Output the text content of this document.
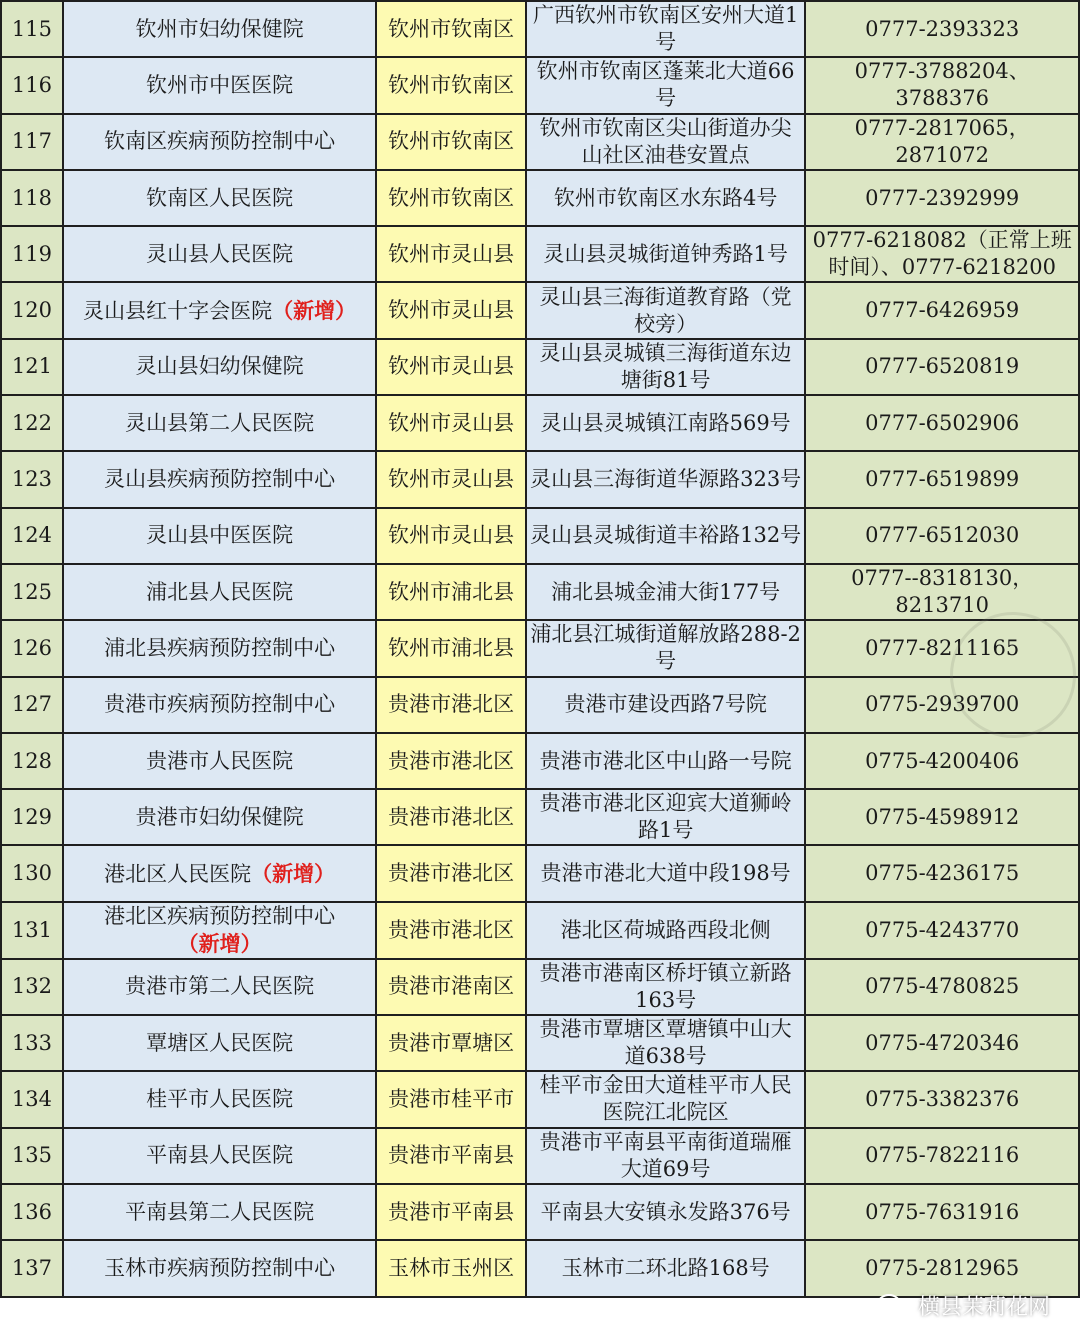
115	钦州市妇幼保健院	钦州市钦南区	广西钦州市钦南区安州大道1号	0777-2393323
116	钦州市中医医院	钦州市钦南区	钦州市钦南区蓬莱北大道66号	0777-3788204、3788376
117	钦南区疾病预防控制中心	钦州市钦南区	钦州市钦南区尖山街道办尖山社区油巷安置点	0777-2817065，2871072
118	钦南区人民医院	钦州市钦南区	钦州市钦南区水东路4号	0777-2392999
119	灵山县人民医院	钦州市灵山县	灵山县灵城街道钟秀路1号	0777-6218082（正常上班时间）、0777-6218200
120	灵山县红十字会医院（新增）	钦州市灵山县	灵山县三海街道教育路（党校旁）	0777-6426959
121	灵山县妇幼保健院	钦州市灵山县	灵山县灵城镇三海街道东边塘街81号	0777-6520819
122	灵山县第二人民医院	钦州市灵山县	灵山县灵城镇江南路569号	0777-6502906
123	灵山县疾病预防控制中心	钦州市灵山县	灵山县三海街道华源路323号	0777-6519899
124	灵山县中医医院	钦州市灵山县	灵山县灵城街道丰裕路132号	0777-6512030
125	浦北县人民医院	钦州市浦北县	浦北县城金浦大街177号	0777--8318130，8213710
126	浦北县疾病预防控制中心	钦州市浦北县	浦北县江城街道解放路288-2号	0777-8211165
127	贵港市疾病预防控制中心	贵港市港北区	贵港市建设西路7号院	0775-2939700
128	贵港市人民医院	贵港市港北区	贵港市港北区中山路一号院	0775-4200406
129	贵港市妇幼保健院	贵港市港北区	贵港市港北区迎宾大道狮岭路1号	0775-4598912
130	港北区人民医院（新增）	贵港市港北区	贵港市港北大道中段198号	0775-4236175
131	港北区疾病预防控制中心（新增）	贵港市港北区	港北区荷城路西段北侧	0775-4243770
132	贵港市第二人民医院	贵港市港南区	贵港市港南区桥圩镇立新路163号	0775-4780825
133	覃塘区人民医院	贵港市覃塘区	贵港市覃塘区覃塘镇中山大道638号	0775-4720346
134	桂平市人民医院	贵港市桂平市	桂平市金田大道桂平市人民医院江北院区	0775-3382376
135	平南县人民医院	贵港市平南县	贵港市平南县平南街道瑞雁大道69号	0775-7822116
136	平南县第二人民医院	贵港市平南县	平南县大安镇永发路376号	0775-7631916
137	玉林市疾病预防控制中心	玉林市玉州区	玉林市二环北路168号	0775-2812965
横县茉莉花网
